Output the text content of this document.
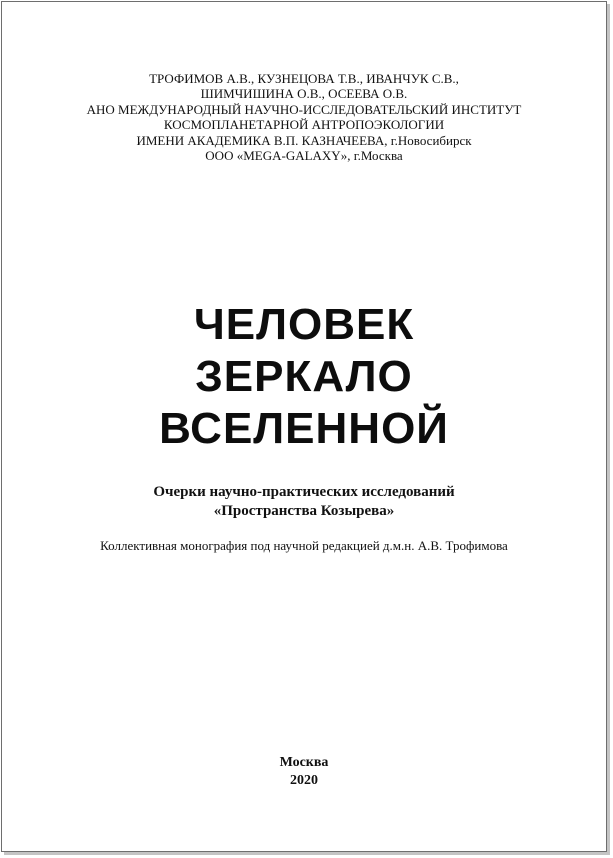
ТРОФИМОВ А.В., КУЗНЕЦОВА Т.В., ИВАНЧУК С.В.,
ШИМЧИШИНА О.В., ОСЕЕВА О.В.
АНО МЕЖДУНАРОДНЫЙ НАУЧНО-ИССЛЕДОВАТЕЛЬСКИЙ ИНСТИТУТ
КОСМОПЛАНЕТАРНОЙ АНТРОПОЭКОЛОГИИ
ИМЕНИ АКАДЕМИКА В.П. КАЗНАЧЕЕВА, г.Новосибирск
ООО «MEGA-GALAXY», г.Москва
ЧЕЛОВЕК
ЗЕРКАЛО
ВСЕЛЕННОЙ
Очерки научно-практических исследований
«Пространства Козырева»
Коллективная монография под научной редакцией д.м.н. А.В. Трофимова
Москва
2020
